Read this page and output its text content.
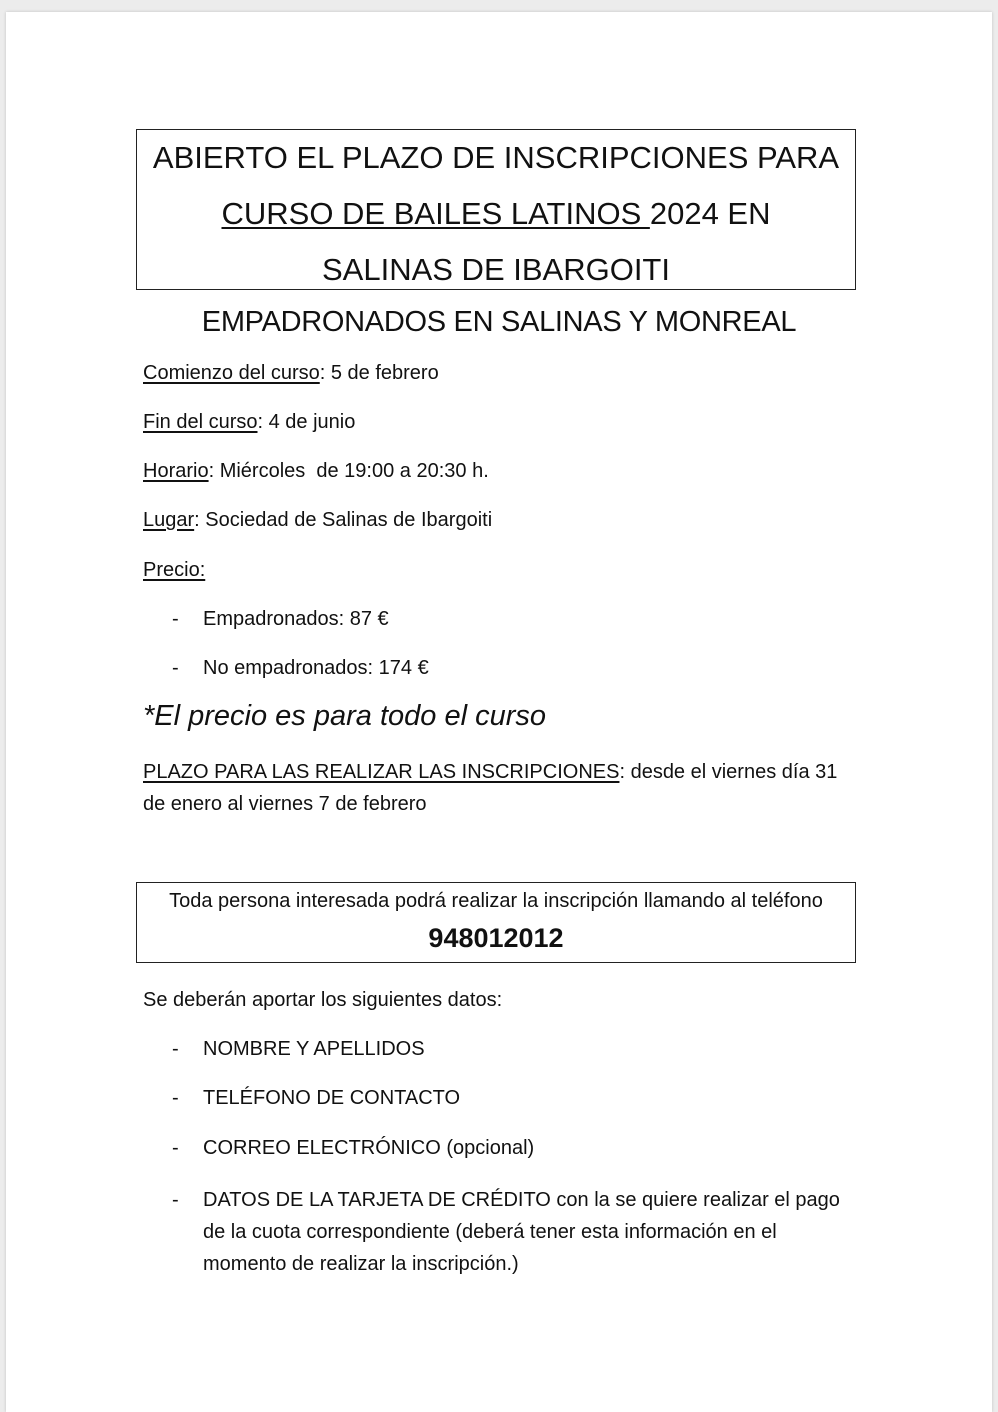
ABIERTO EL PLAZO DE INSCRIPCIONES PARA
CURSO DE BAILES LATINOS 2024 EN
SALINAS DE IBARGOITI
EMPADRONADOS EN SALINAS Y MONREAL
Comienzo del curso: 5 de febrero
Fin del curso: 4 de junio
Horario: Miércoles  de 19:00 a 20:30 h.
Lugar: Sociedad de Salinas de Ibargoiti
Precio:
- Empadronados: 87 €
- No empadronados: 174 €
*El precio es para todo el curso
PLAZO PARA LAS REALIZAR LAS INSCRIPCIONES: desde el viernes día 31 de enero al viernes 7 de febrero
Toda persona interesada podrá realizar la inscripción llamando al teléfono
948012012
Se deberán aportar los siguientes datos:
- NOMBRE Y APELLIDOS
- TELÉFONO DE CONTACTO
- CORREO ELECTRÓNICO (opcional)
- DATOS DE LA TARJETA DE CRÉDITO con la se quiere realizar el pago de la cuota correspondiente (deberá tener esta información en el momento de realizar la inscripción.)
